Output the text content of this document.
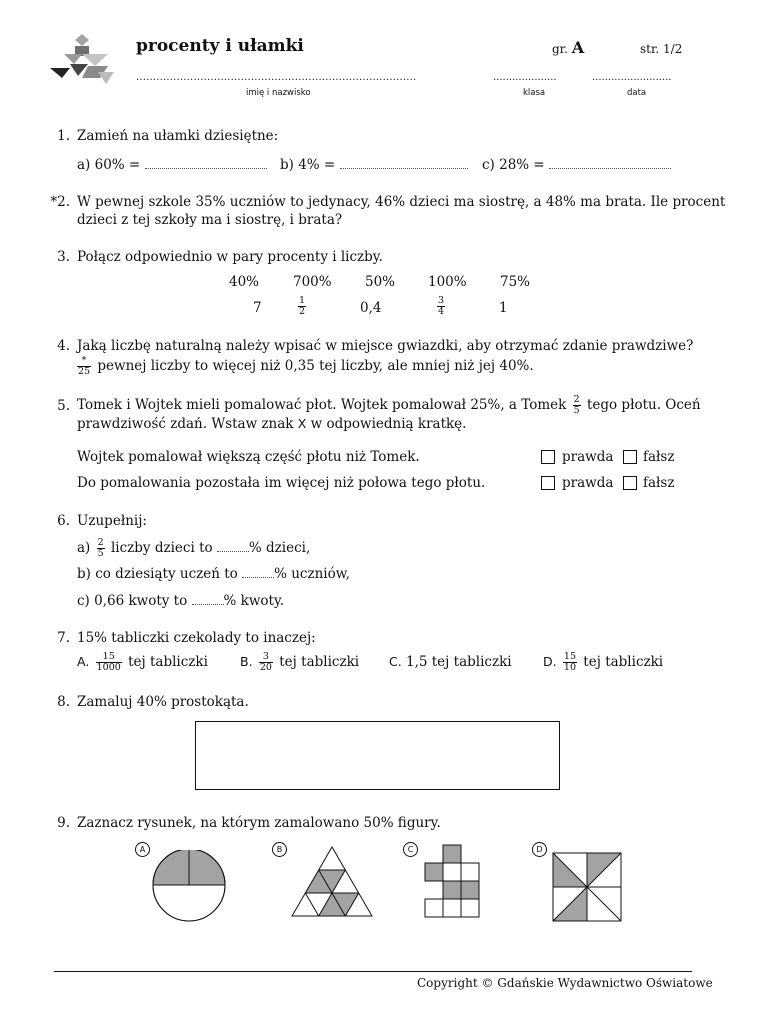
procenty i ułamki	gr. A	str. 1/2
...................................................................................	....................	.........................
imię i nazwisko	klasa	data
1. Zamień na ułamki dziesiętne:
a) 60% =	b) 4% =	c) 28% =
*2. W pewnej szkole 35% uczniów to jedynacy, 46% dzieci ma siostrę, a 48% ma brata. Ile procent
dzieci z tej szkoły ma i siostrę, i brata?
3. Połącz odpowiednio w pary procenty i liczby.
40%	700% 50% 100% 75%
7	$\frac{1}{2}$	0,4	$\frac{3}{4}$	1
4. Jaką liczbę naturalną należy wpisać w miejsce gwiazdki, aby otrzymać zdanie prawdziwe?
$\frac{*}{25}$ pewnej liczby to więcej niż 0,35 tej liczby, ale mniej niż jej 40%.
5. Tomek i Wojtek mieli pomalować płot. Wojtek pomalował 25%, a Tomek $\frac{2}{5}$ tego płotu. Oceń
prawdziwość zdań. Wstaw znak X w odpowiednią kratkę.
Wojtek pomalował większą część płotu niż Tomek.	prawda fałsz
Do pomalowania pozostała im więcej niż połowa tego płotu.	prawda fałsz
6. Uzupełnij:
$a) \frac{2}{5}$ liczby dzieci to	% dzieci,
b) co dziesiąty uczeń to	% uczniów,
c) 0,66 kwoty to	% kwoty.
7. 15% tabliczki czekolady to inaczej:
A. $\frac{15}{1000}$ tej tabliczki	B. $\frac{3}{20}$ tej tabliczki C. 1,5 tej tabliczki	D. $\frac{15}{10}$ tej tabliczki
8. Zamaluj 40% prostokąta.
9. Zaznacz rysunek, na którym zamalowano 50% figury.
A	B	C	D
Copyright © Gdańskie Wydawnictwo Oświatowe
